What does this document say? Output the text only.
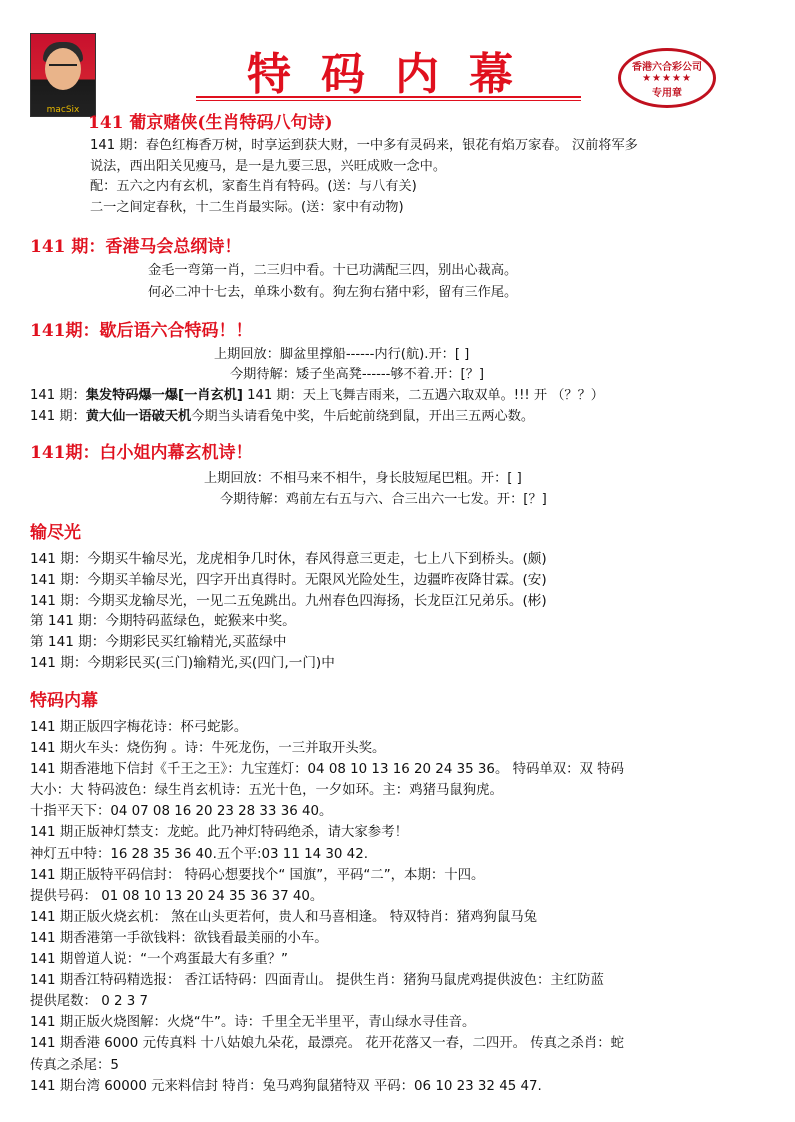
macSix
特码内幕	香港六合彩公司
★★★★★
专用章
141 葡京赌侠(生肖特码八句诗)
141 期：春色红梅香万树，时享运到获大财，一中多有灵码来，银花有焰万家春。 汉前将军多
说法，西出阳关见瘦马，是一是九要三思，兴旺成败一念中。
配：五六之内有玄机，家畜生肖有特码。(送：与八有关)
二一之间定春秋，十二生肖最实际。(送：家中有动物)
141 期：香港马会总纲诗！
金毛一弯第一肖，二三归中看。十已功满配三四，别出心裁高。
何必二冲十七去，单珠小数有。狗左狗右猪中彩，留有三作尾。
141期：歇后语六合特码！！
上期回放：脚盆里撑船------内行(航).开：[ ]
今期待解：矮子坐高凳------够不着.开：[？]
141 期：集发特码爆一爆[一肖玄机] 141 期：天上飞舞吉雨来，二五遇六取双单。!!! 开 （？？）
141 期：黄大仙一语破天机今期当头请看兔中奖，牛后蛇前绕到鼠，开出三五两心数。
141期：白小姐内幕玄机诗！
上期回放：不相马来不相牛，身长肢短尾巴粗。开：[ ]
今期待解：鸡前左右五与六、合三出六一七发。开：[？]
输尽光
141 期：今期买牛输尽光，龙虎相争几时休，春风得意三更走，七上八下到桥头。(颇)
141 期：今期买羊输尽光，四字开出真得时。无限风光险处生，边疆昨夜降甘霖。(安)
141 期：今期买龙输尽光，一见二五兔跳出。九州春色四海扬，长龙臣江兄弟乐。(彬)
第 141 期：今期特码蓝绿色，蛇猴来中奖。
第 141 期：今期彩民买红输精光,买蓝绿中
141 期：今期彩民买(三门)输精光,买(四门,一门)中
特码内幕
141 期正版四字梅花诗：杯弓蛇影。
141 期火车头：烧伤狗 。诗：牛死龙伤，一三并取开头奖。
141 期香港地下信封《千王之王》：九宝莲灯：04 08 10 13 16 20 24 35 36。 特码单双：双 特码
大小：大 特码波色：绿生肖玄机诗：五光十色，一夕如环。主：鸡猪马鼠狗虎。
十指平天下：04 07 08 16 20 23 28 33 36 40。
141 期正版神灯禁支：龙蛇。此乃神灯特码绝杀，请大家参考！
神灯五中特：16 28 35 36 40.五个平:03 11 14 30 42.
141 期正版特平码信封： 特码心想要找个“ 国旗”，平码“二”，本期：十四。
提供号码： 01 08 10 13 20 24 35 36 37 40。
141 期正版火烧玄机： 煞在山头更若何，贵人和马喜相逢。 特双特肖：猪鸡狗鼠马兔
141 期香港第一手欲钱料：欲钱看最美丽的小车。
141 期曾道人说：“一个鸡蛋最大有多重？”
141 期香江特码精选报： 香江话特码：四面青山。 提供生肖：猪狗马鼠虎鸡提供波色：主红防蓝
提供尾数： 0 2 3 7
141 期正版火烧图解：火烧“牛”。诗：千里全无半里平，青山绿水寻佳音。
141 期香港 6000 元传真料 十八姑娘九朵花，最漂亮。 花开花落又一春，二四开。 传真之杀肖：蛇
传真之杀尾：5
141 期台湾 60000 元来料信封 特肖：兔马鸡狗鼠猪特双 平码：06 10 23 32 45 47.
